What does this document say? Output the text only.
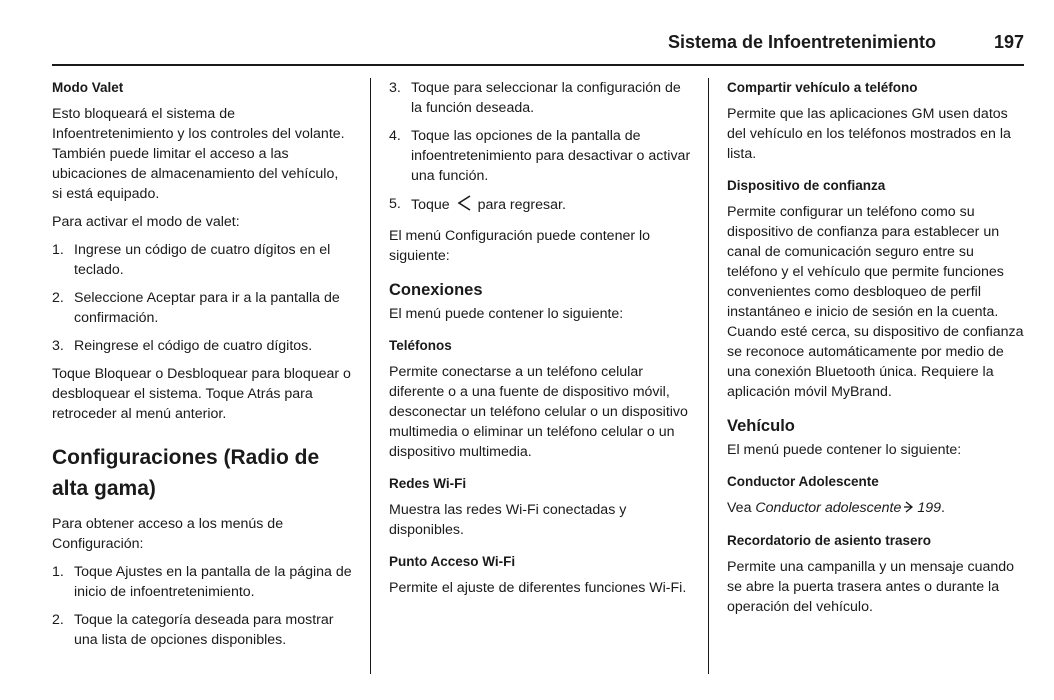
Sistema de Infoentretenimiento	197
Modo Valet

Esto bloqueará el sistema de Infoentretenimiento y los controles del volante. También puede limitar el acceso a las ubicaciones de almacenamiento del vehículo, si está equipado.

Para activar el modo de valet:

1. Ingrese un código de cuatro dígitos en el teclado.
2. Seleccione Aceptar para ir a la pantalla de confirmación.
3. Reingrese el código de cuatro dígitos.

Toque Bloquear o Desbloquear para bloquear o desbloquear el sistema. Toque Atrás para retroceder al menú anterior.

Configuraciones (Radio de alta gama)

Para obtener acceso a los menús de Configuración:

1. Toque Ajustes en la pantalla de la página de inicio de infoentretenimiento.
2. Toque la categoría deseada para mostrar una lista de opciones disponibles.
3. Toque para seleccionar la configuración de la función deseada.
4. Toque las opciones de la pantalla de infoentretenimiento para desactivar o activar una función.
5. Toque para regresar.

El menú Configuración puede contener lo siguiente:

Conexiones

El menú puede contener lo siguiente:

Teléfonos

Permite conectarse a un teléfono celular diferente o a una fuente de dispositivo móvil, desconectar un teléfono celular o un dispositivo multimedia o eliminar un teléfono celular o un dispositivo multimedia.

Redes Wi-Fi

Muestra las redes Wi-Fi conectadas y disponibles.

Punto Acceso Wi-Fi

Permite el ajuste de diferentes funciones Wi-Fi.

Compartir vehículo a teléfono

Permite que las aplicaciones GM usen datos del vehículo en los teléfonos mostrados en la lista.

Dispositivo de confianza

Permite configurar un teléfono como su dispositivo de confianza para establecer un canal de comunicación seguro entre su teléfono y el vehículo que permite funciones convenientes como desbloqueo de perfil instantáneo e inicio de sesión en la cuenta. Cuando esté cerca, su dispositivo de confianza se reconoce automáticamente por medio de una conexión Bluetooth única. Requiere la aplicación móvil MyBrand.

Vehículo

El menú puede contener lo siguiente:

Conductor Adolescente

Vea Conductor adolescente 199.

Recordatorio de asiento trasero

Permite una campanilla y un mensaje cuando se abre la puerta trasera antes o durante la operación del vehículo.
